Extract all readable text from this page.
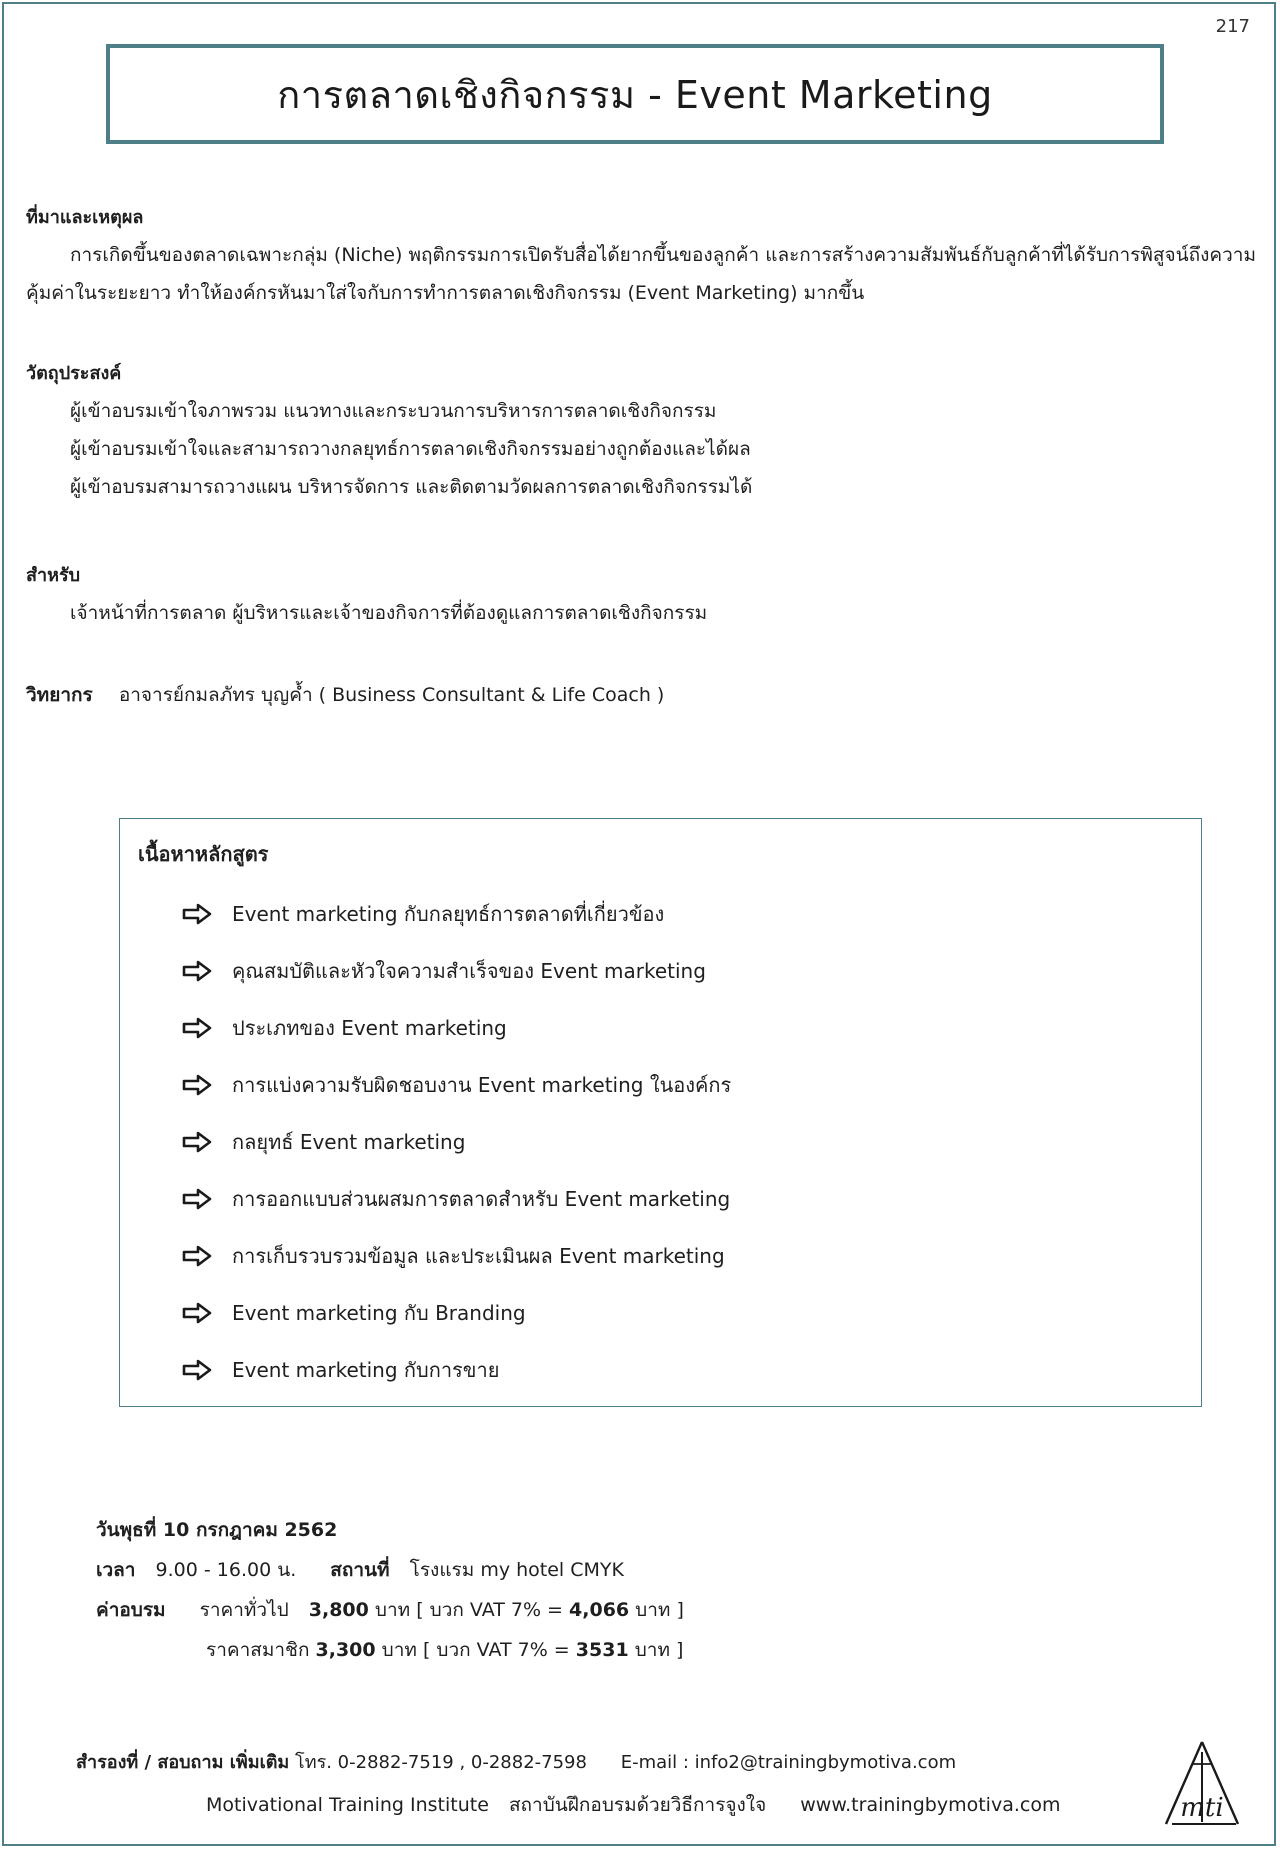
217
การตลาดเชิงกิจกรรม - Event Marketing
ที่มาและเหตุผล
การเกิดขึ้นของตลาดเฉพาะกลุ่ม (Niche) พฤติกรรมการเปิดรับสื่อได้ยากขึ้นของลูกค้า และการสร้างความสัมพันธ์กับลูกค้าที่ได้รับการพิสูจน์ถึงความคุ้มค่าในระยะยาว ทำให้องค์กรหันมาใส่ใจกับการทำการตลาดเชิงกิจกรรม (Event Marketing) มากขึ้น
วัตถุประสงค์
ผู้เข้าอบรมเข้าใจภาพรวม แนวทางและกระบวนการบริหารการตลาดเชิงกิจกรรม
ผู้เข้าอบรมเข้าใจและสามารถวางกลยุทธ์การตลาดเชิงกิจกรรมอย่างถูกต้องและได้ผล
ผู้เข้าอบรมสามารถวางแผน บริหารจัดการ และติดตามวัดผลการตลาดเชิงกิจกรรมได้
สำหรับ
เจ้าหน้าที่การตลาด ผู้บริหารและเจ้าของกิจการที่ต้องดูแลการตลาดเชิงกิจกรรม
วิทยากร อาจารย์กมลภัทร บุญค้ำ ( Business Consultant & Life Coach )
เนื้อหาหลักสูตร
Event marketing กับกลยุทธ์การตลาดที่เกี่ยวข้อง
คุณสมบัติและหัวใจความสำเร็จของ Event marketing
ประเภทของ Event marketing
การแบ่งความรับผิดชอบงาน Event marketing ในองค์กร
กลยุทธ์ Event marketing
การออกแบบส่วนผสมการตลาดสำหรับ Event marketing
การเก็บรวบรวมข้อมูล และประเมินผล Event marketing
Event marketing กับ Branding
Event marketing กับการขาย
วันพุธที่ 10 กรกฎาคม 2562
เวลา 9.00 - 16.00 น. สถานที่ โรงแรม my hotel CMYK
ค่าอบรม ราคาทั่วไป 3,800 บาท [ บวก VAT 7% = 4,066 บาท ]
ราคาสมาชิก 3,300 บาท [ บวก VAT 7% = 3531 บาท ]
สำรองที่ / สอบถาม เพิ่มเติม โทร. 0-2882-7519 , 0-2882-7598 E-mail : info2@trainingbymotiva.com
Motivational Training Institute สถาบันฝึกอบรมด้วยวิธีการจูงใจ www.trainingbymotiva.com	mti
